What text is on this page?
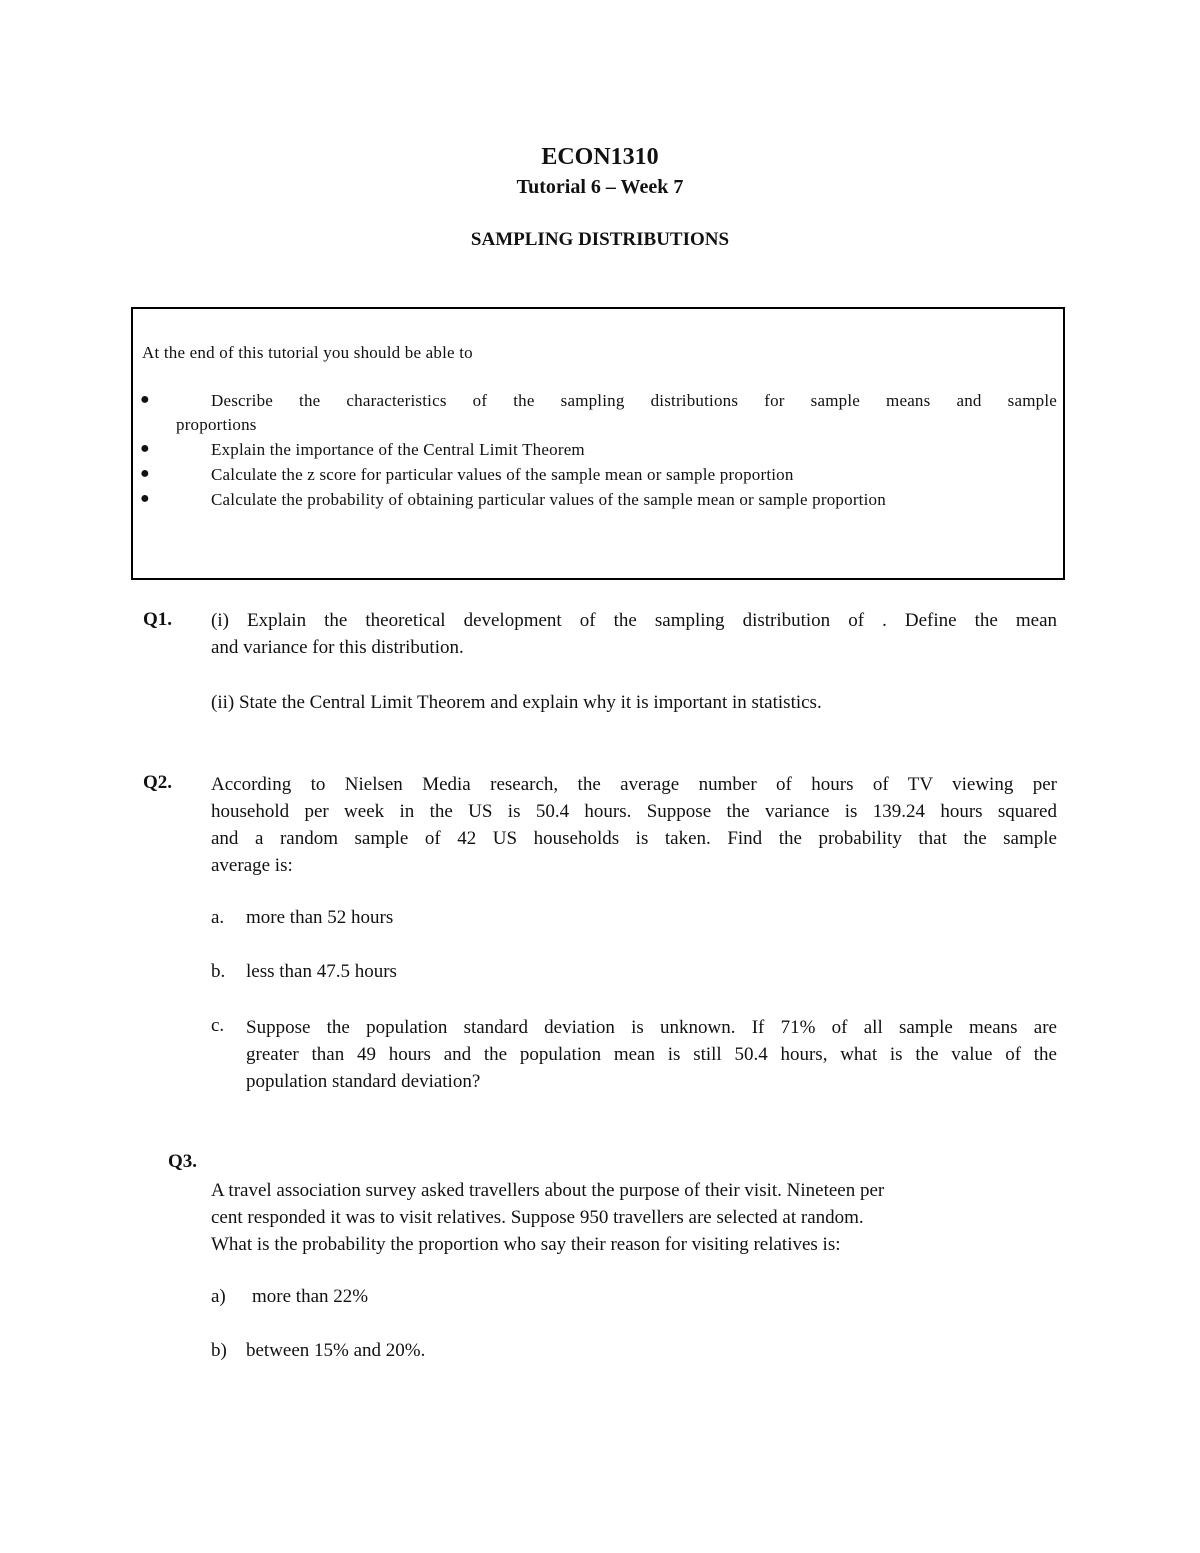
ECON1310
Tutorial 6 – Week 7
SAMPLING DISTRIBUTIONS
At the end of this tutorial you should be able to
●	Describe the characteristics of the sampling distributions for sample means and sample
proportions
●	Explain the importance of the Central Limit Theorem
●	Calculate the z score for particular values of the sample mean or sample proportion
●	Calculate the probability of obtaining particular values of the sample mean or sample proportion
Q1. (i) Explain the theoretical development of the sampling distribution of . Define the mean
and variance for this distribution.
(ii) State the Central Limit Theorem and explain why it is important in statistics.
Q2. According to Nielsen Media research, the average number of hours of TV viewing per
household per week in the US is 50.4 hours. Suppose the variance is 139.24 hours squared
and a random sample of 42 US households is taken. Find the probability that the sample
average is:
a. more than 52 hours
b. less than 47.5 hours
c. Suppose the population standard deviation is unknown. If 71% of all sample means are
greater than 49 hours and the population mean is still 50.4 hours, what is the value of the
population standard deviation?
Q3.
A travel association survey asked travellers about the purpose of their visit. Nineteen per
cent responded it was to visit relatives. Suppose 950 travellers are selected at random.
What is the probability the proportion who say their reason for visiting relatives is:
a) more than 22%
b) between 15% and 20%.
